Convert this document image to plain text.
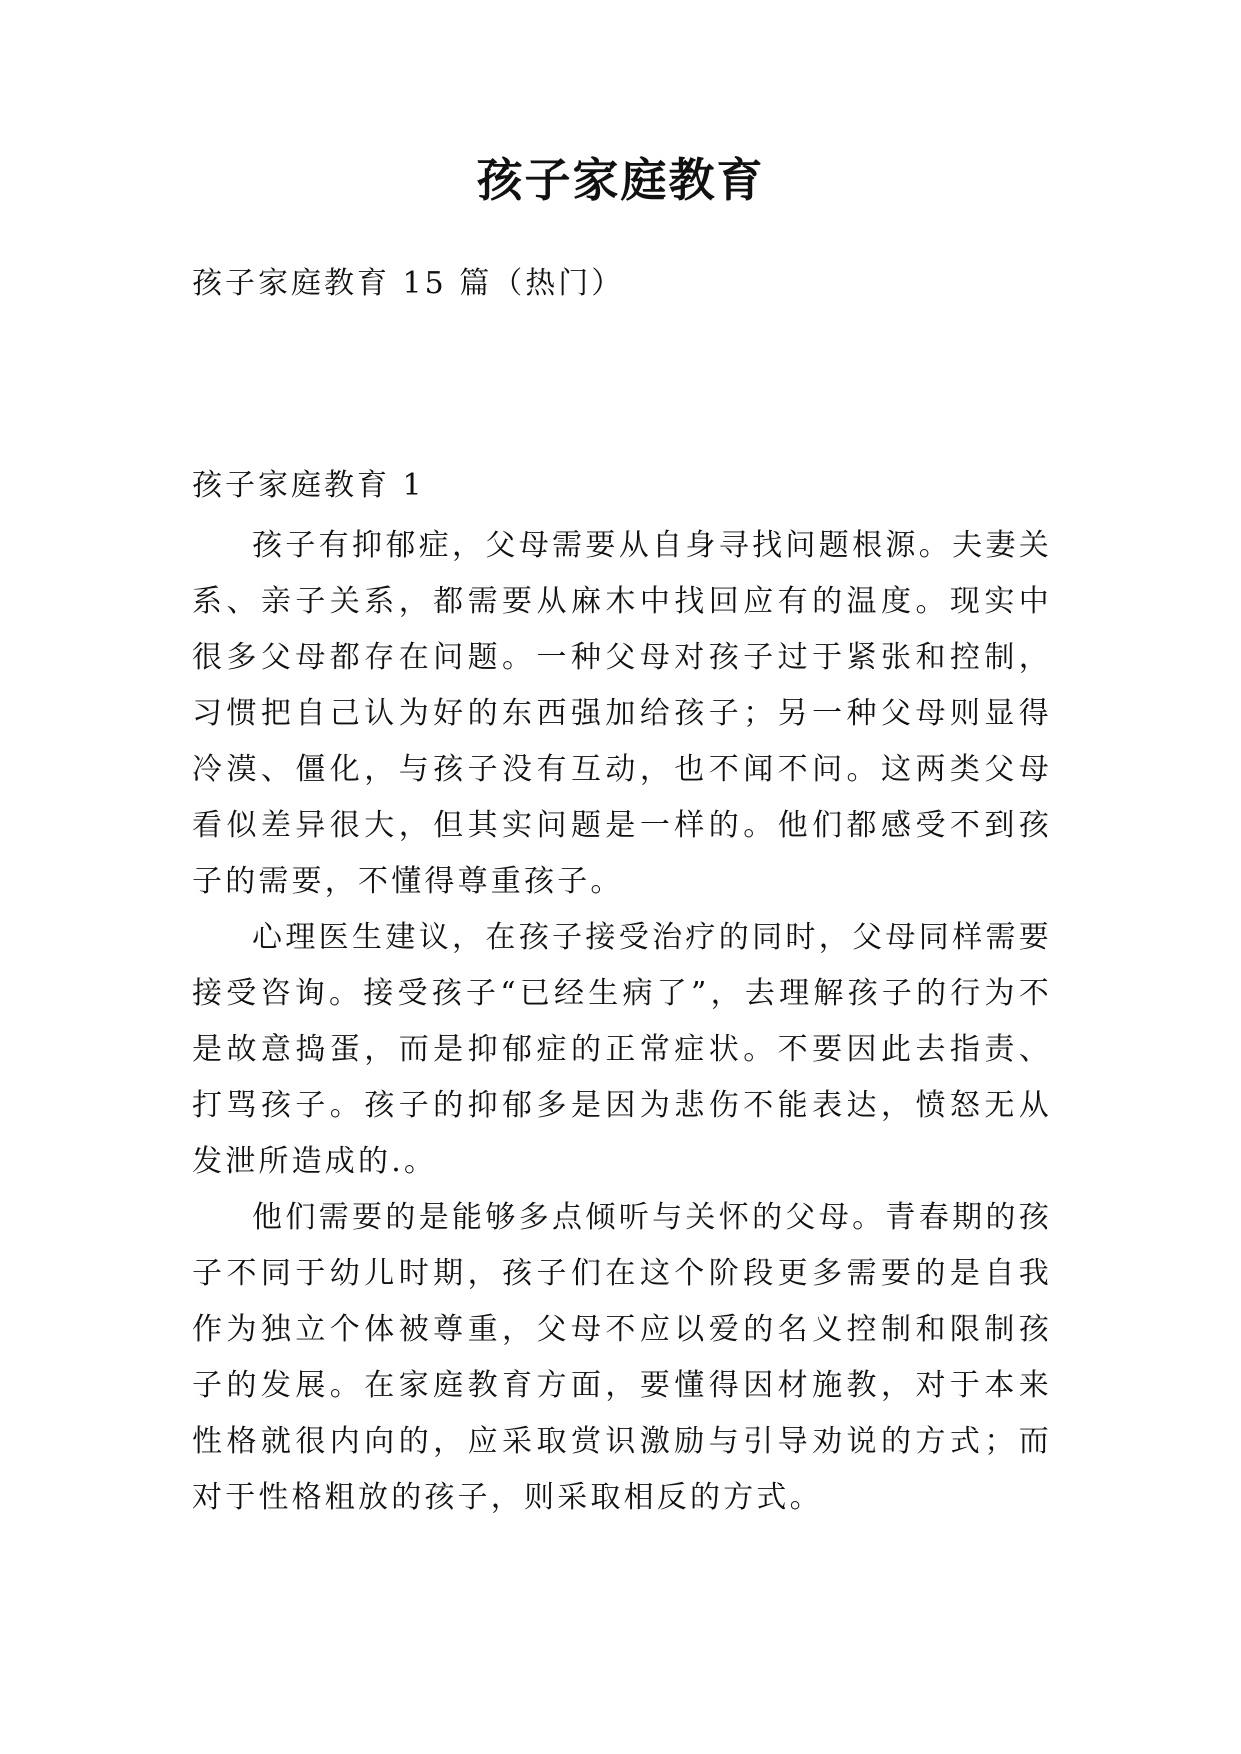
孩子家庭教育

孩子家庭教育 15 篇（热门）

孩子家庭教育 1

孩子有抑郁症，父母需要从自身寻找问题根源。夫妻关系、亲子关系，都需要从麻木中找回应有的温度。现实中很多父母都存在问题。一种父母对孩子过于紧张和控制，习惯把自己认为好的东西强加给孩子；另一种父母则显得冷漠、僵化，与孩子没有互动，也不闻不问。这两类父母看似差异很大，但其实问题是一样的。他们都感受不到孩子的需要，不懂得尊重孩子。

心理医生建议，在孩子接受治疗的同时，父母同样需要接受咨询。接受孩子“已经生病了”，去理解孩子的行为不是故意捣蛋，而是抑郁症的正常症状。不要因此去指责、打骂孩子。孩子的抑郁多是因为悲伤不能表达，愤怒无从发泄所造成的.。

他们需要的是能够多点倾听与关怀的父母。青春期的孩子不同于幼儿时期，孩子们在这个阶段更多需要的是自我作为独立个体被尊重，父母不应以爱的名义控制和限制孩子的发展。在家庭教育方面，要懂得因材施教，对于本来性格就很内向的，应采取赏识激励与引导劝说的方式；而对于性格粗放的孩子，则采取相反的方式。
